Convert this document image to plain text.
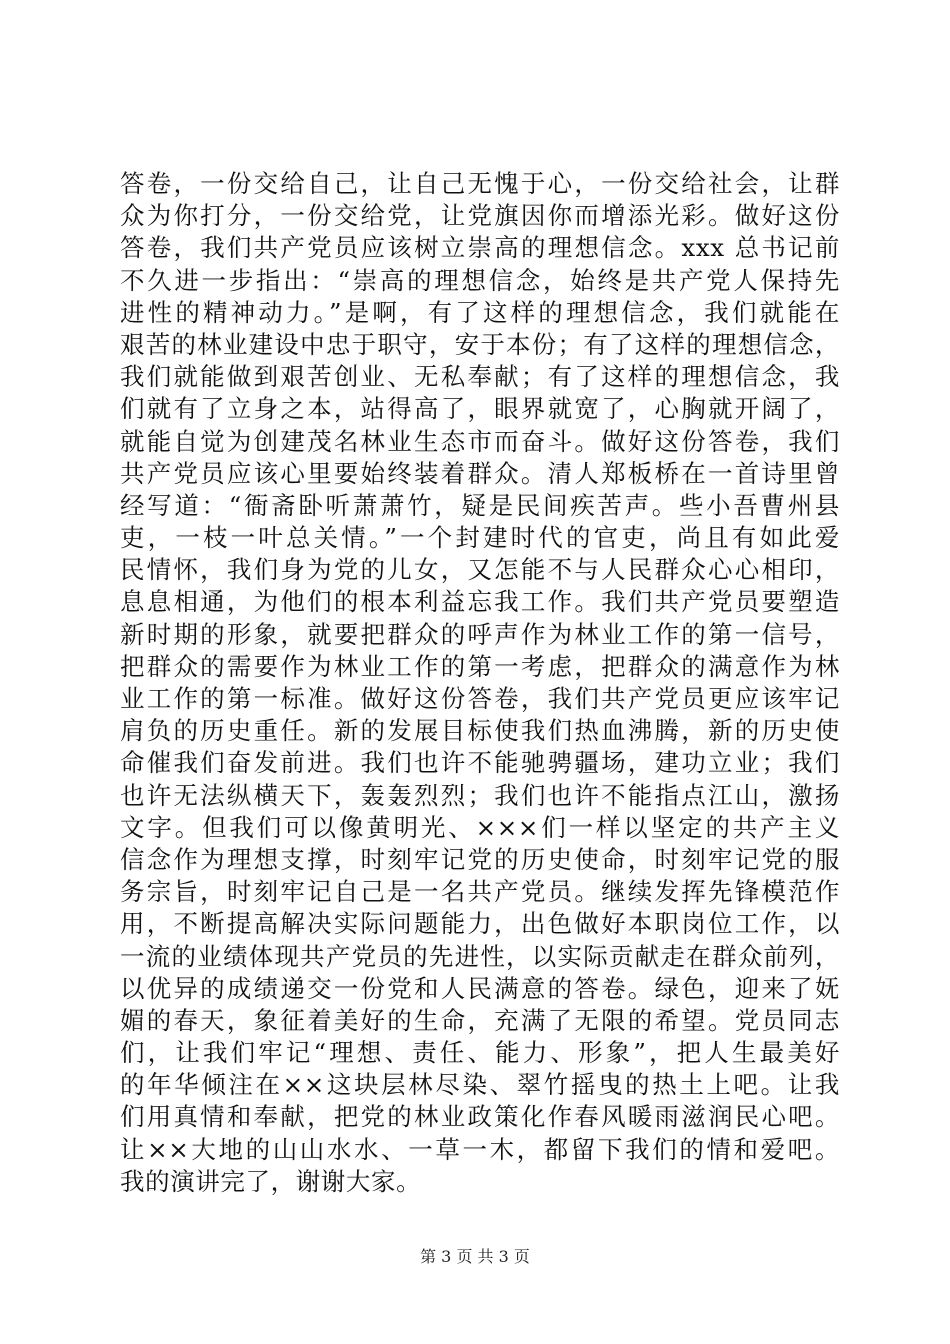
答卷，一份交给自己，让自己无愧于心，一份交给社会，让群
众为你打分，一份交给党，让党旗因你而增添光彩。做好这份
答卷，我们共产党员应该树立崇高的理想信念。xxx 总书记前
不久进一步指出：“崇高的理想信念，始终是共产党人保持先
进性的精神动力。”是啊，有了这样的理想信念，我们就能在
艰苦的林业建设中忠于职守，安于本份；有了这样的理想信念，
我们就能做到艰苦创业、无私奉献；有了这样的理想信念，我
们就有了立身之本，站得高了，眼界就宽了，心胸就开阔了，
就能自觉为创建茂名林业生态市而奋斗。做好这份答卷，我们
共产党员应该心里要始终装着群众。清人郑板桥在一首诗里曾
经写道：“衙斋卧听萧萧竹，疑是民间疾苦声。些小吾曹州县
吏，一枝一叶总关情。”一个封建时代的官吏，尚且有如此爱
民情怀，我们身为党的儿女，又怎能不与人民群众心心相印，
息息相通，为他们的根本利益忘我工作。我们共产党员要塑造
新时期的形象，就要把群众的呼声作为林业工作的第一信号，
把群众的需要作为林业工作的第一考虑，把群众的满意作为林
业工作的第一标准。做好这份答卷，我们共产党员更应该牢记
肩负的历史重任。新的发展目标使我们热血沸腾，新的历史使
命催我们奋发前进。我们也许不能驰骋疆场，建功立业；我们
也许无法纵横天下，轰轰烈烈；我们也许不能指点江山，激扬
文字。但我们可以像黄明光、×××们一样以坚定的共产主义
信念作为理想支撑，时刻牢记党的历史使命，时刻牢记党的服
务宗旨，时刻牢记自己是一名共产党员。继续发挥先锋模范作
用，不断提高解决实际问题能力，出色做好本职岗位工作，以
一流的业绩体现共产党员的先进性，以实际贡献走在群众前列，
以优异的成绩递交一份党和人民满意的答卷。绿色，迎来了妩
媚的春天，象征着美好的生命，充满了无限的希望。党员同志
们，让我们牢记“理想、责任、能力、形象”，把人生最美好
的年华倾注在××这块层林尽染、翠竹摇曳的热土上吧。让我
们用真情和奉献，把党的林业政策化作春风暖雨滋润民心吧。
让××大地的山山水水、一草一木，都留下我们的情和爱吧。
我的演讲完了，谢谢大家。
第 3 页 共 3 页
